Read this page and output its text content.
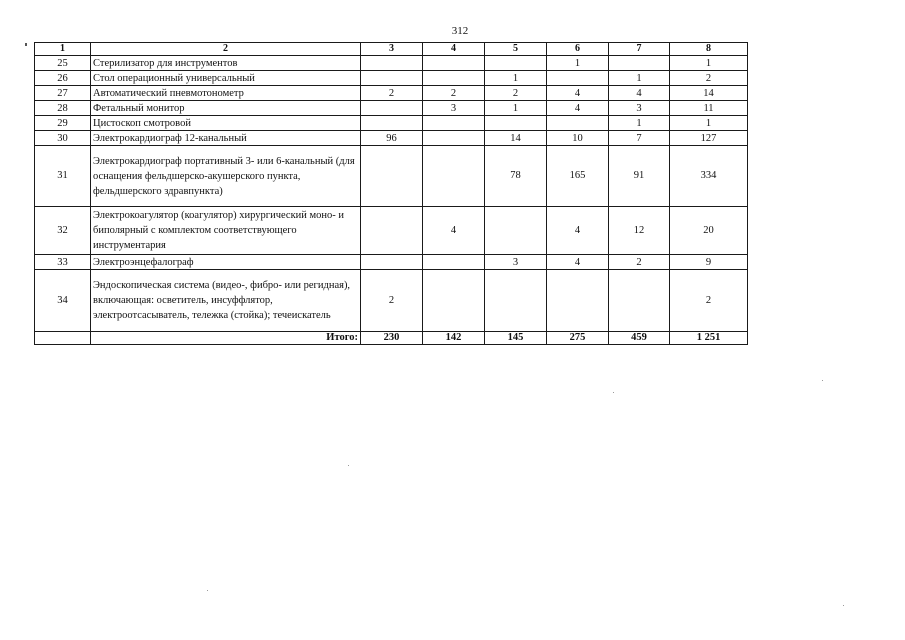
312
1	2	3	4	5	6	7	8
25	Стерилизатор для инструментов				1		1
26	Стол операционный универсальный			1		1	2
27	Автоматический пневмотонометр	2	2	2	4	4	14
28	Фетальный монитор		3	1	4	3	11
29	Цистоскоп смотровой					1	1
30	Электрокардиограф 12-канальный	96		14	10	7	127
31	Электрокардиограф портативный 3- или 6-канальный (для оснащения фельдшерско-акушерского пункта, фельдшерского здравпункта)			78	165	91	334
32	Электрокоагулятор (коагулятор) хирургический моно- и биполярный с комплектом соответствующего инструментария		4		4	12	20
33	Электроэнцефалограф			3	4	2	9
34	Эндоскопическая система (видео-, фибро- или регидная), включающая: осветитель, инсуффлятор, электроотсасыватель, тележка (стойка); течеискатель	2					2
	Итого:	230	142	145	275	459	1 251
